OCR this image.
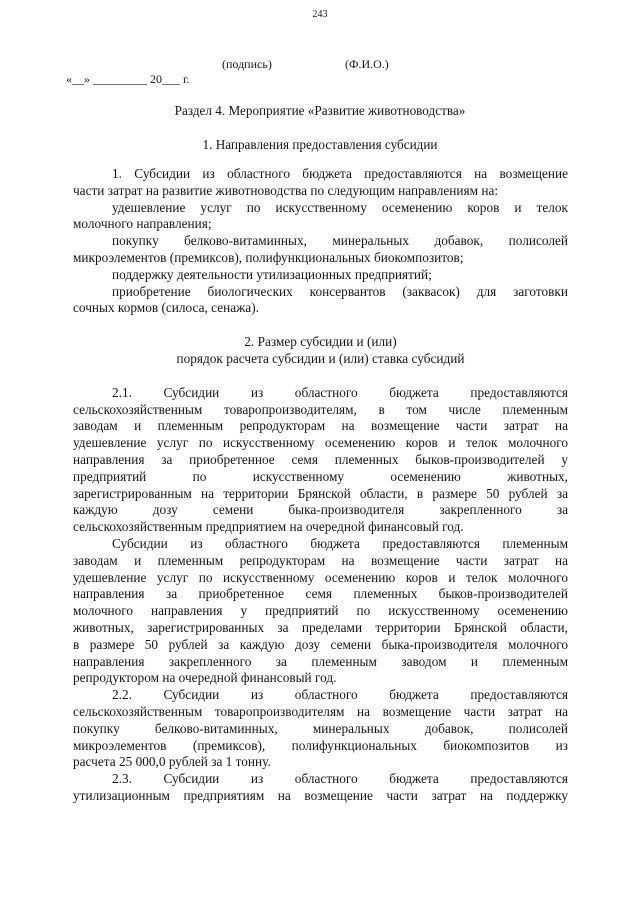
243
(подпись)	(Ф.И.О.)
«__» _________ 20___ г.
Раздел 4. Мероприятие «Развитие животноводства»
1. Направления предоставления субсидии
1. Субсидии из областного бюджета предоставляются на возмещение
части затрат на развитие животноводства по следующим направлениям на:
удешевление услуг по искусственному осеменению коров и телок
молочного направления;
покупку белково-витаминных, минеральных добавок, полисолей
микроэлементов (премиксов), полифункциональных биокомпозитов;
поддержку деятельности утилизационных предприятий;
приобретение биологических консервантов (заквасок) для заготовки
сочных кормов (силоса, сенажа).
2. Размер субсидии и (или)
порядок расчета субсидии и (или) ставка субсидий
2.1. Субсидии из областного бюджета предоставляются
сельскохозяйственным товаропроизводителям, в том числе племенным
заводам и племенным репродукторам на возмещение части затрат на
удешевление услуг по искусственному осеменению коров и телок молочного
направления за приобретенное семя племенных быков-производителей у
предприятий по искусственному осеменению животных,
зарегистрированным на территории Брянской области, в размере 50 рублей за
каждую дозу семени быка-производителя закрепленного за
сельскохозяйственным предприятием на очередной финансовый год.
Субсидии из областного бюджета предоставляются племенным
заводам и племенным репродукторам на возмещение части затрат на
удешевление услуг по искусственному осеменению коров и телок молочного
направления за приобретенное семя племенных быков-производителей
молочного направления у предприятий по искусственному осеменению
животных, зарегистрированных за пределами территории Брянской области,
в размере 50 рублей за каждую дозу семени быка-производителя молочного
направления закрепленного за племенным заводом и племенным
репродуктором на очередной финансовый год.
2.2. Субсидии из областного бюджета предоставляются
сельскохозяйственным товаропроизводителям на возмещение части затрат на
покупку белково-витаминных, минеральных добавок, полисолей
микроэлементов (премиксов), полифункциональных биокомпозитов из
расчета 25 000,0 рублей за 1 тонну.
2.3. Субсидии из областного бюджета предоставляются
утилизационным предприятиям на возмещение части затрат на поддержку
